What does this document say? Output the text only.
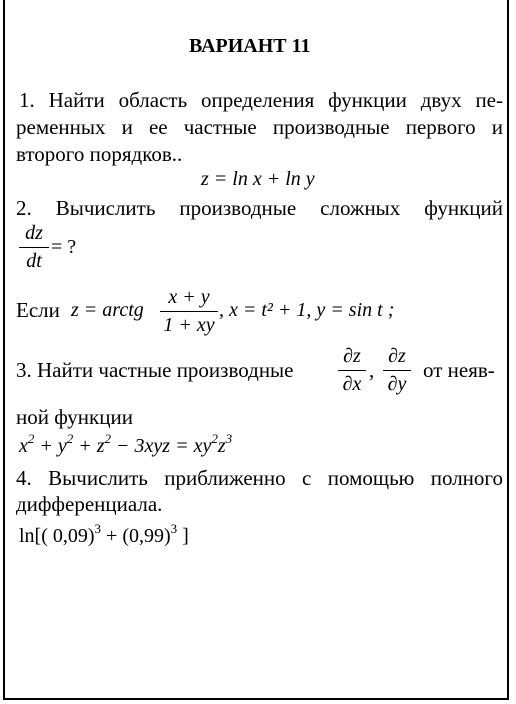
ВАРИАНТ 11
1. Найти область определения функции двух пе-
ременных и ее частные производные первого и
второго порядков..
z = ln x + ln y
2. Вычислить производные сложных функций
dz
dt
= ?
Если z = arctg
x + y
1 + xy
, x = t² + 1, y = sin t ;
3. Найти частные производные
∂z
∂x
,
∂z
∂y
от неяв-
ной функции
$x^2 + y^2 + z^2 - 3xyz = xy^2z^3$
4. Вычислить приближенно с помощью полного
дифференциала.
ln[( $0,09)^3 + (0,99)^3$ ]
